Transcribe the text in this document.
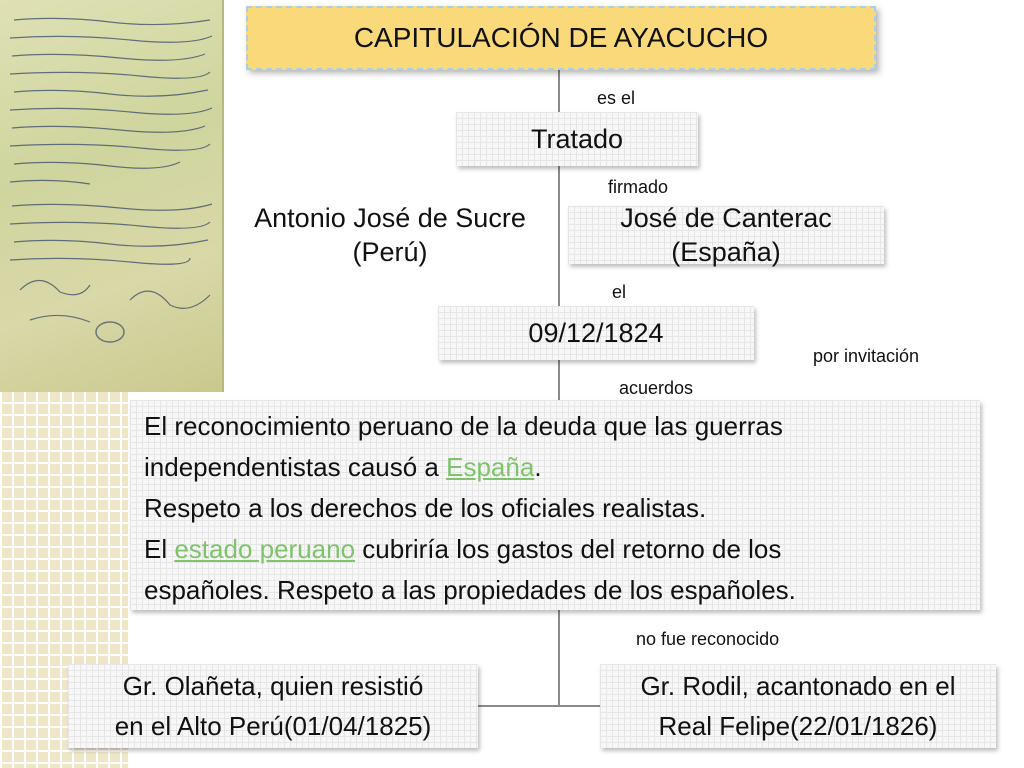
CAPITULACIÓN DE AYACUCHO
es el
firmado
el
por invitación
acuerdos
no fue reconocido
Tratado
Antonio José de Sucre
(Perú)
José de Canterac
(España)
09/12/1824

El reconocimiento peruano de la deuda que las guerras

independentistas causó a España.

Respeto a los derechos de los oficiales realistas.

El estado peruano cubriría los gastos del retorno de los

españoles. Respeto a las propiedades de los españoles.

Gr. Olañeta, quien resistió
en el Alto Perú(01/04/1825)
Gr. Rodil, acantonado en el
Real Felipe(22/01/1826)
